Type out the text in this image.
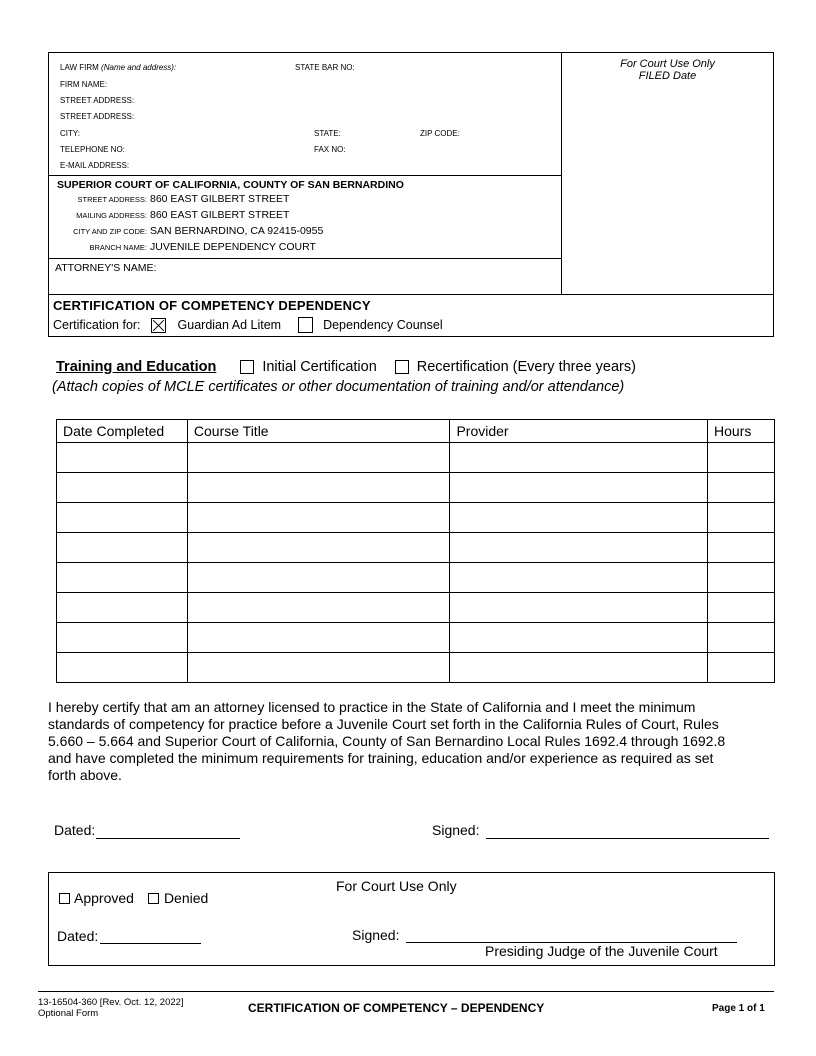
LAW FIRM (Name and address):	STATE BAR NO:
FIRM NAME:
STREET ADDRESS:
STREET ADDRESS:
CITY:	STATE:	ZIP CODE:
TELEPHONE NO:	FAX NO:
E-MAIL ADDRESS:
For Court Use Only
FILED Date
SUPERIOR COURT OF CALIFORNIA, COUNTY OF SAN BERNARDINO
STREET ADDRESS: 860 EAST GILBERT STREET
MAILING ADDRESS: 860 EAST GILBERT STREET
CITY AND ZIP CODE: SAN BERNARDINO, CA 92415-0955
BRANCH NAME: JUVENILE DEPENDENCY COURT
ATTORNEY'S NAME:
CERTIFICATION OF COMPETENCY DEPENDENCY
Certification for:	Guardian Ad Litem	Dependency Counsel
Training and Education	Initial Certification	Recertification (Every three years)
(Attach copies of MCLE certificates or other documentation of training and/or attendance)
Date Completed	Course Title	Provider	Hours

I hereby certify that am an attorney licensed to practice in the State of California and I meet the minimum
standards of competency for practice before a Juvenile Court set forth in the California Rules of Court, Rules
5.660 – 5.664 and Superior Court of California, County of San Bernardino Local Rules 1692.4 through 1692.8
and have completed the minimum requirements for training, education and/or experience as required as set
forth above.
Dated:	Signed:
For Court Use Only
Approved Denied
Dated:	Signed:
Presiding Judge of the Juvenile Court
13-16504-360 [Rev. Oct. 12, 2022]
Optional Form	CERTIFICATION OF COMPETENCY – DEPENDENCY	Page 1 of 1
